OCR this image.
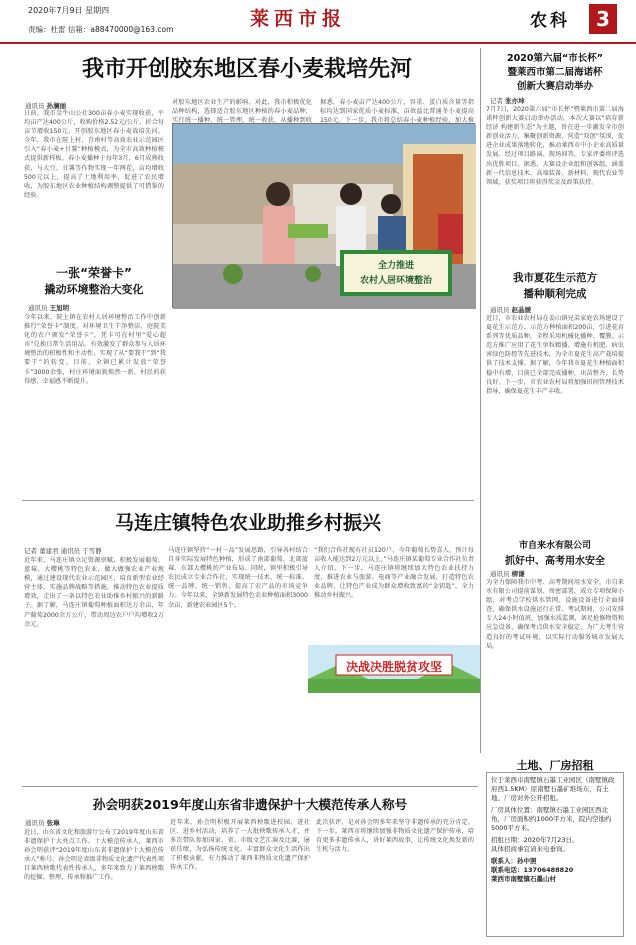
2020年7月9日 星期四
责编：杜雷 信箱：a88470000@163.com	莱西市报	农科	3
我市开创胶东地区春小麦栽培先河
通讯员 孙澜丽
日前，我市金牛山公社300亩春小麦实现收获，平均亩产达400公斤，收购价格2.52元/公斤，折合每亩节增收150元，开创胶东地区春小麦栽培先河。今年，我市在院上村、青南村等高效农业示范园区引入“春小麦+甘薯”种植模式，为全市高效种植模式提供新样板。春小麦播种于每年3月，6月成熟收获，与大豆、甘薯等作物实现一年两茬，亩均增收500元以上，提高了土地利用率，促进了农民增收，为胶东地区农业种植结构调整提供了可借鉴的经验。
对胶东地区农业生产的影响。对此，我市积极优化品种结构，选择适合胶东地区种植的春小麦品种，实行统一播种、统一管理、统一收获，从播种到收
据悉，春小麦亩产达400公斤，容重、蛋白质含量等指标均达到国家优质小麦标准，亩效益比普通冬小麦提高150元。下一步，我市将总结春小麦种植经验，加大推
全力推进
农村人居环境整治
一张“荣誉卡”
撬动环境整治大变化
通讯员 王旭明
今年以来，院上镇在农村人居环境整治工作中创新推行“荣誉卡”制度，对环境卫生干净整洁、庭院美化的农户颁发“荣誉卡”，凭卡可在村里“爱心超市”兑换日常生活用品，有效激发了群众参与人居环境整治的积极性和主动性，实现了从“要我干”到“我要干”的转变。目前，全镇已累计发放“荣誉卡”3000余张，村庄环境面貌焕然一新，村民的获得感、幸福感不断提升。
2020第六届“市长杯”
暨莱西市第二届海诺杯
创新大赛启动举办
记者 张亦坤
7月7日，2020第六届“市长杯”暨莱西市第二届海诺杯创新大赛启动举办活动。本次大赛以“培育新经济 构建新生态”为主题，旨在进一步激发全市创新创业活力，集聚创新资源、营造“双创”氛围，促进企业成果落地转化，推动莱西市中小企业高质量发展。经过项目路演、现场问答，专家评委将评选出优胜项目。据悉，大赛设企业组和创客组，涵盖新一代信息技术、高端装备、新材料、现代农业等领域，获奖项目将获得奖金及政策扶持。
我市夏花生示范方
播种顺利完成
通讯员 赵晶媛
近日，市农业农村局在姜山镇兄弟家庭农场建设了夏花生示范方，示范方种植面积200亩，引进花育系列等优质品种，全程采用机械化播种、覆膜。示范方推广应用了花生单粒精播、增施有机肥、病虫害绿色防控等先进技术，为全市夏花生高产栽培提供了技术支撑。据了解，今年我市夏花生种植面积稳中有增，目前已全部完成播种，出苗整齐，长势良好。下一步，市农业农村局将加强田间管理技术指导，确保夏花生丰产丰收。
马连庄镇特色农业助推乡村振兴
记者 董建君 通讯员 于雪静
近年来，马连庄镇立足资源禀赋，积极发展葡萄、蓝莓、大樱桃等特色农业，做大做强农业产业规模，通过建设现代农业示范园区、培育新型农业经营主体、实施品牌战略等措施，推动特色农业提质增效，走出了一条以特色农业助推乡村振兴的新路子。据了解，马连庄镇葡萄种植面积达万余亩，年产葡萄2000余万公斤，带动周边农户户均增收2万余元。
马连庄镇坚持“一村一品”发展思路，引导各村结合自身实际发展特色种植，形成了南部葡萄、北部蓝莓、东部大樱桃的产业布局。同时，镇里积极引导农民成立专业合作社，实现统一技术、统一标准、统一品牌、统一销售，提高了农产品的市场竞争力。今年以来，全镇新发展特色农业种植面积3000余亩，新建农业园区5个。
“我们合作社现有社员120户，今年葡萄长势喜人，预计每亩收入能达到2万元以上。”马连庄镇某葡萄专业合作社负责人介绍。下一步，马连庄镇将继续加大特色农业扶持力度，推进农业与旅游、电商等产业融合发展，打造特色农业品牌，让特色产业成为群众增收致富的“金钥匙”，全力推动乡村振兴。
决战决胜脱贫攻坚
市自来水有限公司
抓好中、高考用水安全
通讯员 柳谦
为全力保障我市中考、高考期间用水安全，市自来水有限公司提前谋划、周密部署，成立专项保障小组，对考点学校供水管网、设施设备进行全面排查，确保供水设施运行正常。考试期间，公司安排专人24小时值班，加强水质监测，备足抢修物资和应急设备，确保考点供水安全稳定，为广大考生营造良好的考试环境，以实际行动服务城市发展大局。
孙会明获2019年度山东省非遗保护十大模范传承人称号
通讯员 张琳
近日，山东省文化和旅游厅公布了2019年度山东省非遗保护十大亮点工作、十大模范传承人，莱西市孙会明获评“2019年度山东省非遗保护十大模范传承人”称号。孙会明是省级非物质文化遗产代表性项目莱西秧歌代表性传承人，多年来致力于莱西秧歌的挖掘、整理、传承和推广工作。
近年来，孙会明积极开展莱西秧歌进校园、进社区、进乡村活动，培养了一大批秧歌传承人才，并多次带队参加国家、省、市级文艺汇演及比赛，屡获佳绩，为弘扬传统文化、丰富群众文化生活作出了积极贡献，有力推动了莱西非物质文化遗产保护传承工作。
此次获评，是对孙会明多年来坚守非遗传承的充分肯定。下一步，莱西市将继续加强非物质文化遗产保护传承，培育更多非遗传承人，讲好莱西故事，让传统文化焕发新的生机与活力。
土地、厂房招租
位于莱西市南墅镇石墨工业园区（南墅镇政府西1.5KM）原南墅石墨矿堆场东，有土地、厂房对外公开招租。
厂房具体位置：南墅镇石墨工业园区西北角，厂房面积约1000平方米，院内空地约5000平方米。
招租日期：2020年7月23日。
具体招商事宜请来电垂询。
联系人：孙中照
联系电话：13706488820
莱西市南墅镇石墨山村
